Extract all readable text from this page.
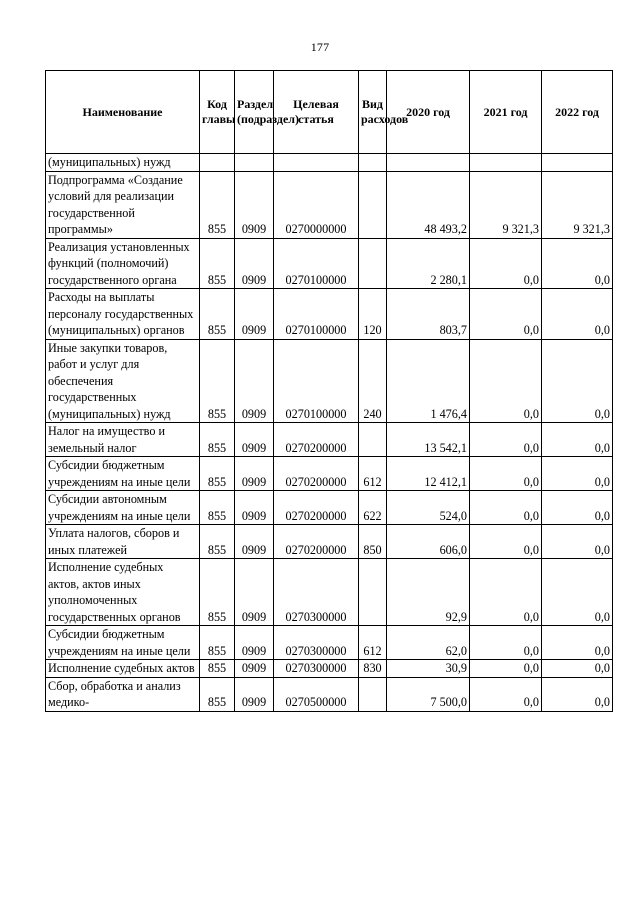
177
Наименование	Код главы	Раздел (подраздел)	Целевая статья	Вид расходов	2020 год	2021 год	2022 год
(муниципальных) нужд							
Подпрограмма «Создание условий для реализации государственной программы»	855	0909	0270000000		48 493,2	9 321,3	9 321,3
Реализация установленных функций (полномочий) государственного органа	855	0909	0270100000		2 280,1	0,0	0,0
Расходы на выплаты персоналу государственных (муниципальных) органов	855	0909	0270100000	120	803,7	0,0	0,0
Иные закупки товаров, работ и услуг для обеспечения государственных (муниципальных) нужд	855	0909	0270100000	240	1 476,4	0,0	0,0
Налог на имущество и земельный налог	855	0909	0270200000		13 542,1	0,0	0,0
Субсидии бюджетным учреждениям на иные цели	855	0909	0270200000	612	12 412,1	0,0	0,0
Субсидии автономным учреждениям на иные цели	855	0909	0270200000	622	524,0	0,0	0,0
Уплата налогов, сборов и иных платежей	855	0909	0270200000	850	606,0	0,0	0,0
Исполнение судебных актов, актов иных уполномоченных государственных органов	855	0909	0270300000		92,9	0,0	0,0
Субсидии бюджетным учреждениям на иные цели	855	0909	0270300000	612	62,0	0,0	0,0
Исполнение судебных актов	855	0909	0270300000	830	30,9	0,0	0,0
Сбор, обработка и анализ медико-	855	0909	0270500000		7 500,0	0,0	0,0
